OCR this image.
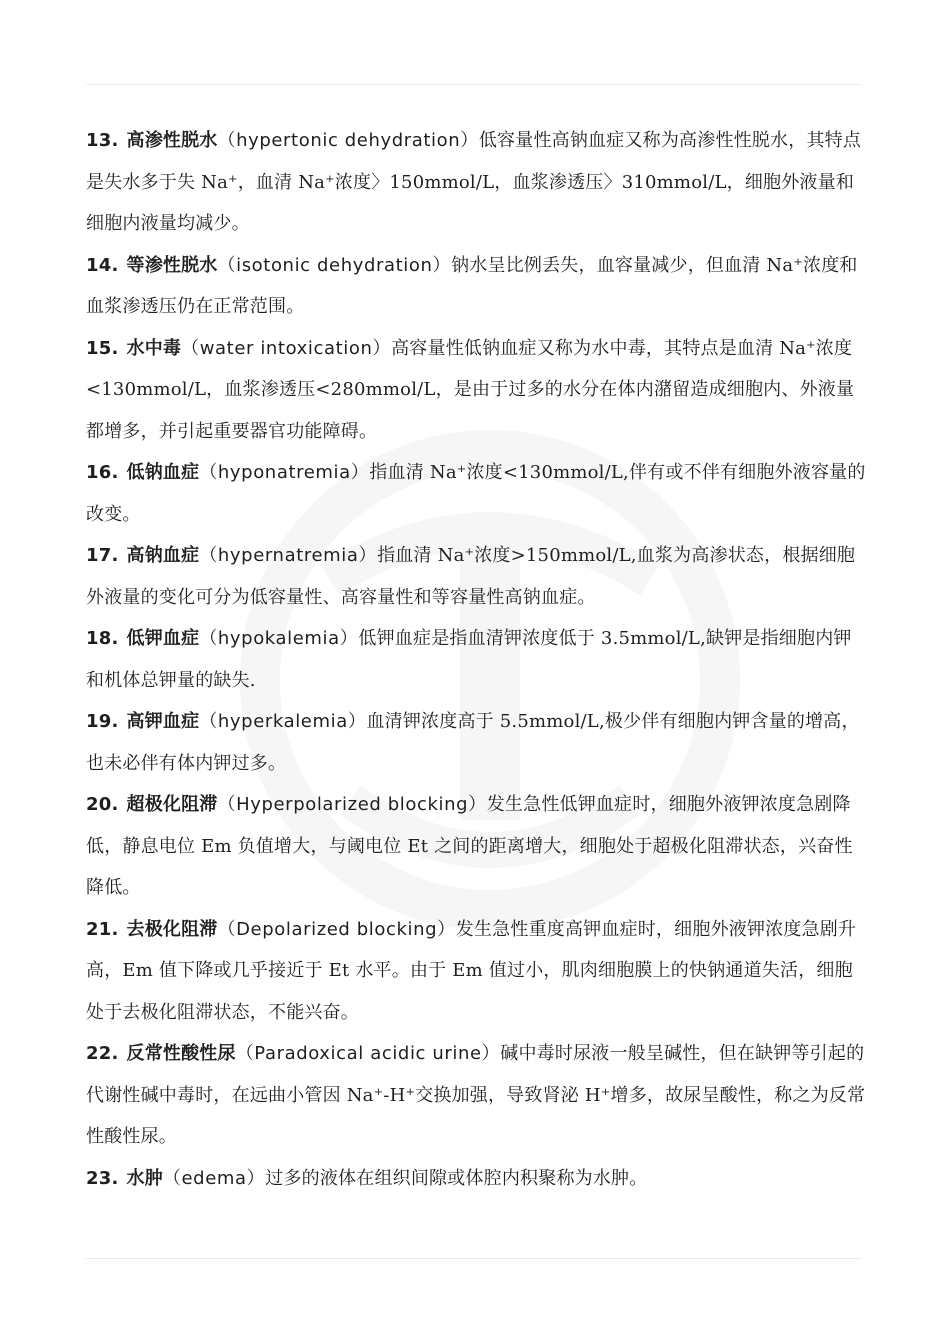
13. 高渗性脱水（hypertonic dehydration）低容量性高钠血症又称为高渗性性脱水，其特点是失水多于失 Na⁺，血清 Na⁺浓度〉150mmol/L，血浆渗透压〉310mmol/L，细胞外液量和细胞内液量均减少。
14. 等渗性脱水（isotonic dehydration）钠水呈比例丢失，血容量减少，但血清 Na⁺浓度和血浆渗透压仍在正常范围。
15. 水中毒（water intoxication）高容量性低钠血症又称为水中毒，其特点是血清 Na⁺浓度<130mmol/L，血浆渗透压<280mmol/L，是由于过多的水分在体内潴留造成细胞内、外液量都增多，并引起重要器官功能障碍。
16. 低钠血症（hyponatremia）指血清 Na⁺浓度<130mmol/L,伴有或不伴有细胞外液容量的改变。
17. 高钠血症（hypernatremia）指血清 Na⁺浓度>150mmol/L,血浆为高渗状态，根据细胞外液量的变化可分为低容量性、高容量性和等容量性高钠血症。
18. 低钾血症（hypokalemia）低钾血症是指血清钾浓度低于 3.5mmol/L,缺钾是指细胞内钾和机体总钾量的缺失.
19. 高钾血症（hyperkalemia）血清钾浓度高于 5.5mmol/L,极少伴有细胞内钾含量的增高，也未必伴有体内钾过多。
20. 超极化阻滞（Hyperpolarized blocking）发生急性低钾血症时，细胞外液钾浓度急剧降低，静息电位 Em 负值增大，与阈电位 Et 之间的距离增大，细胞处于超极化阻滞状态，兴奋性降低。
21. 去极化阻滞（Depolarized blocking）发生急性重度高钾血症时，细胞外液钾浓度急剧升高，Em 值下降或几乎接近于 Et 水平。由于 Em 值过小，肌肉细胞膜上的快钠通道失活，细胞处于去极化阻滞状态，不能兴奋。
22. 反常性酸性尿（Paradoxical acidic urine）碱中毒时尿液一般呈碱性，但在缺钾等引起的代谢性碱中毒时，在远曲小管因 Na⁺-H⁺交换加强，导致肾泌 H⁺增多，故尿呈酸性，称之为反常性酸性尿。
23. 水肿（edema）过多的液体在组织间隙或体腔内积聚称为水肿。
